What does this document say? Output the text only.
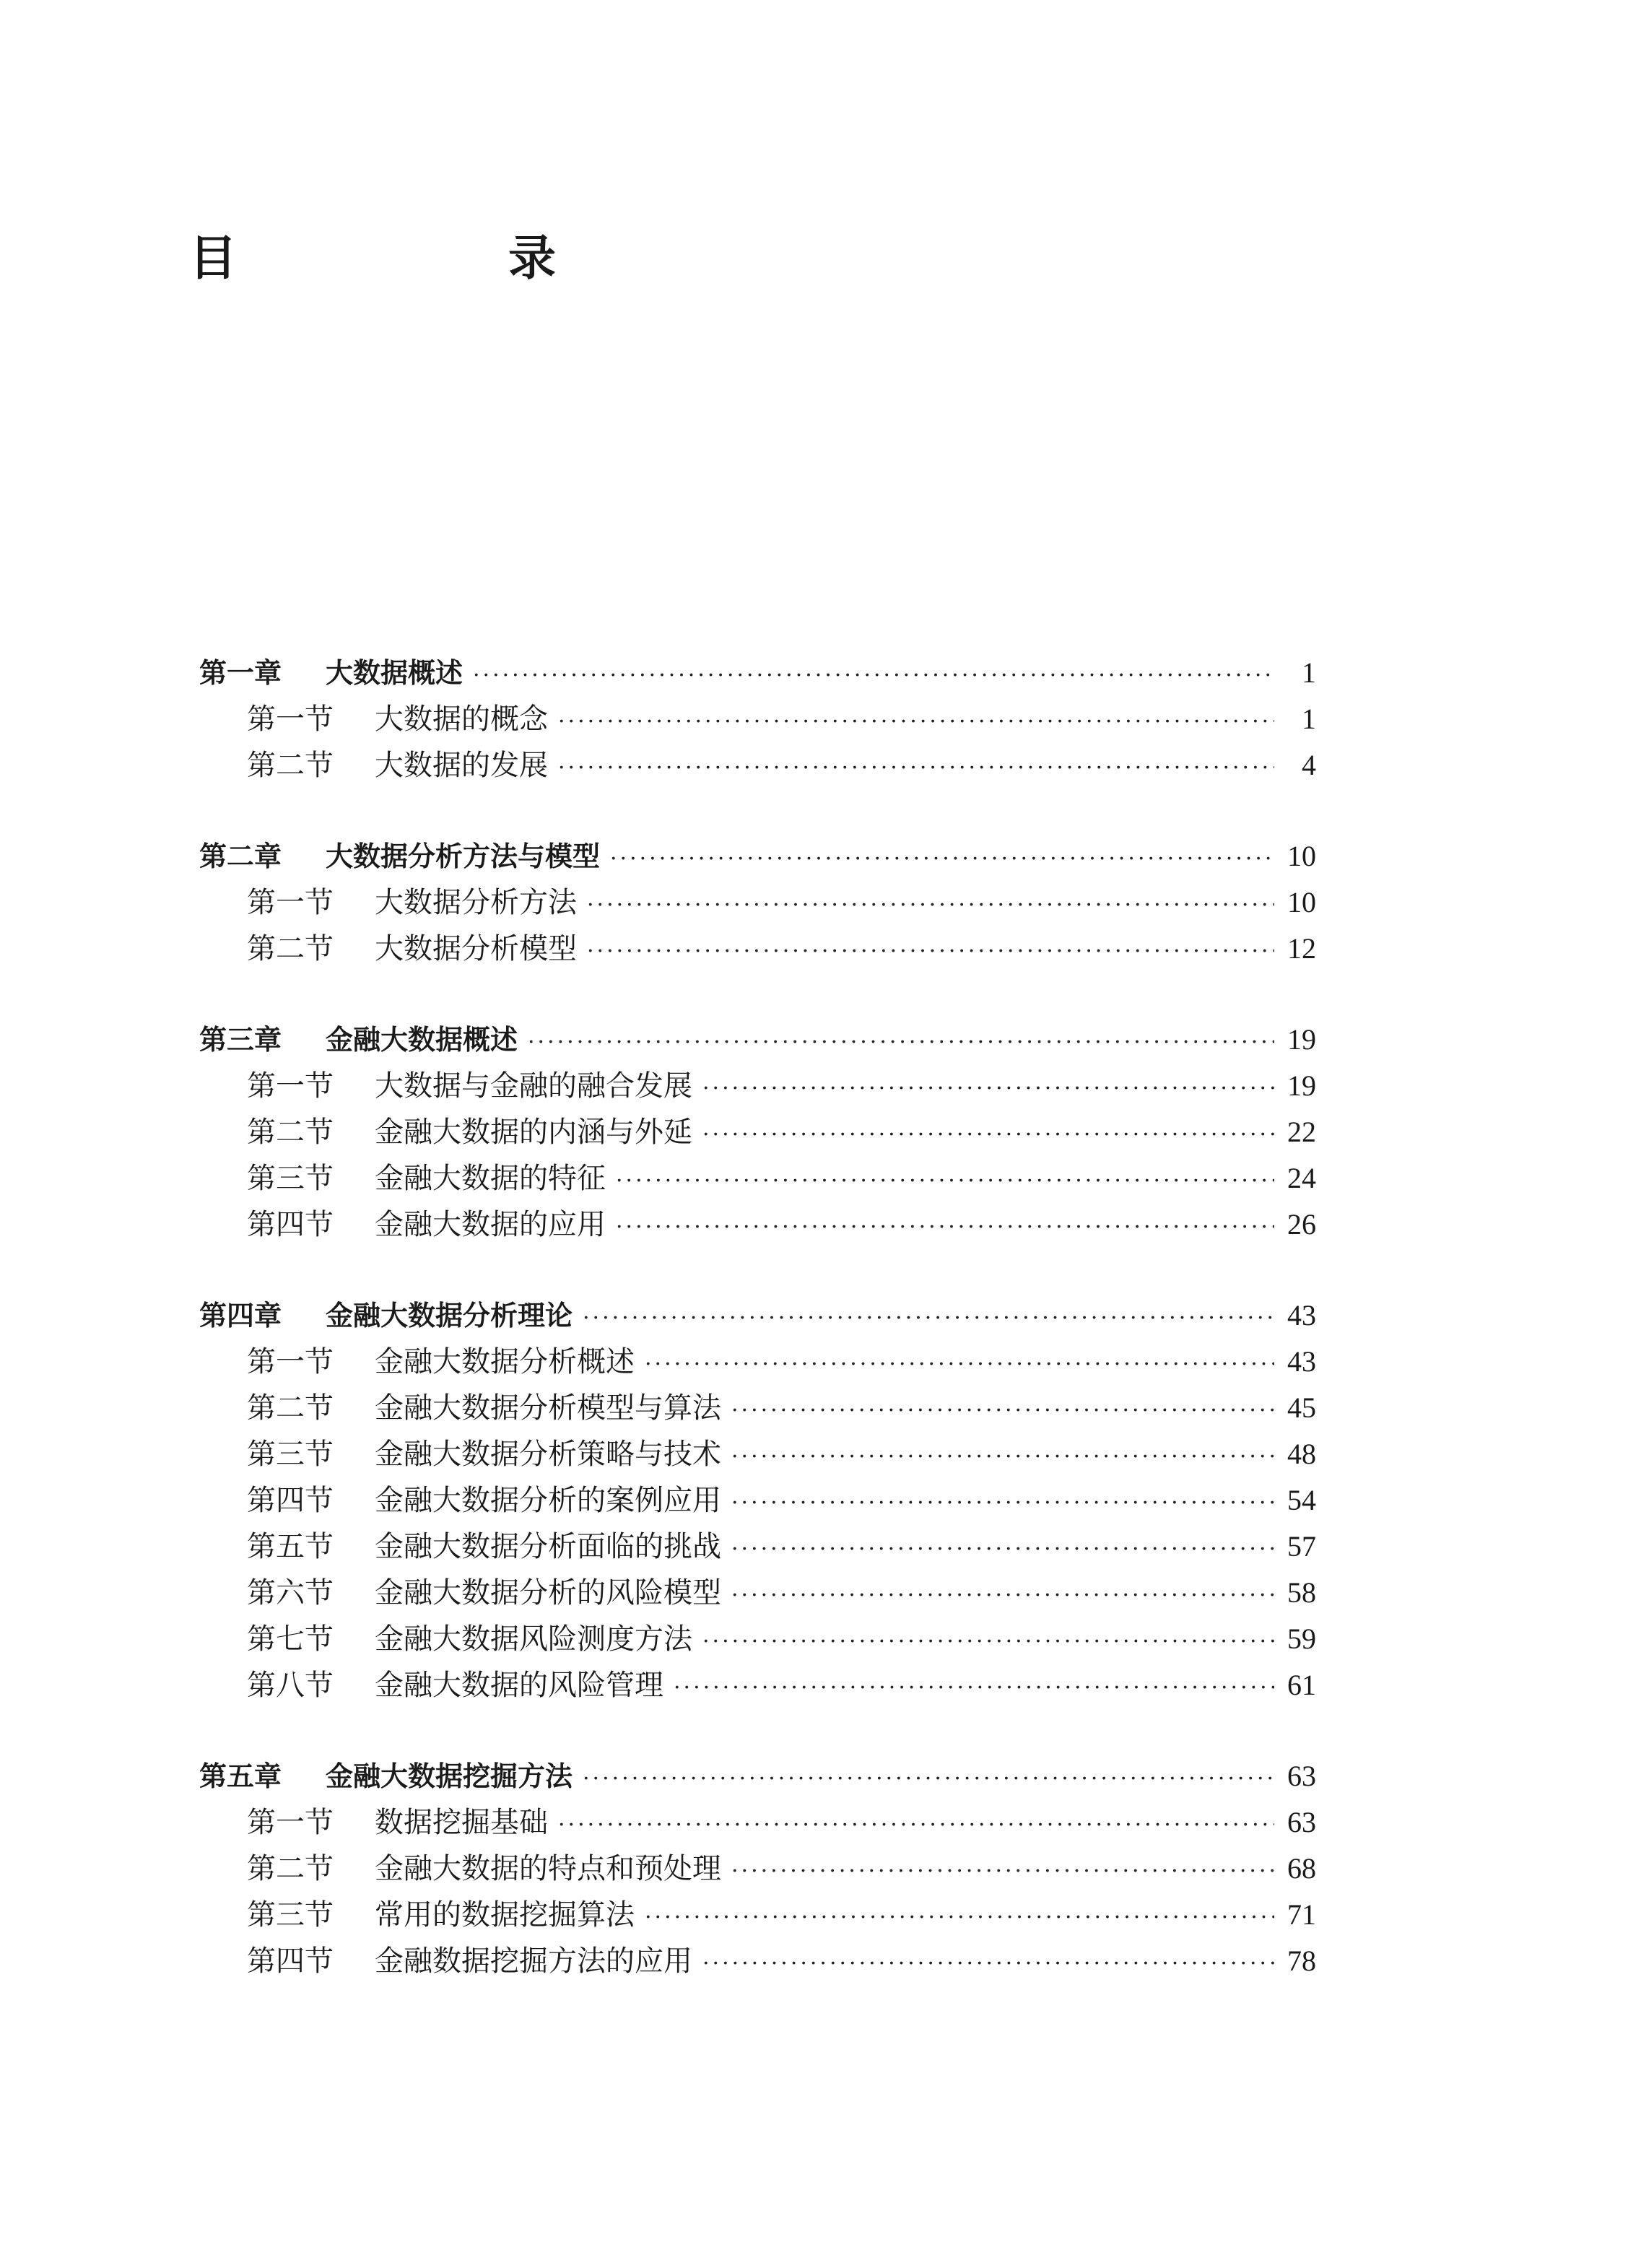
目　录
第一章	大数据概述 ·····	1
第一节	大数据的概念 ·····	1
第二节	大数据的发展 ·····	4
第二章	大数据分析方法与模型 ·····	10
第一节	大数据分析方法 ·····	10
第二节	大数据分析模型 ·····	12
第三章	金融大数据概述 ·····	19
第一节	大数据与金融的融合发展 ·····	19
第二节	金融大数据的内涵与外延 ·····	22
第三节	金融大数据的特征 ·····	24
第四节	金融大数据的应用 ·····	26
第四章	金融大数据分析理论 ·····	43
第一节	金融大数据分析概述 ·····	43
第二节	金融大数据分析模型与算法 ·····	45
第三节	金融大数据分析策略与技术 ·····	48
第四节	金融大数据分析的案例应用 ·····	54
第五节	金融大数据分析面临的挑战 ·····	57
第六节	金融大数据分析的风险模型 ·····	58
第七节	金融大数据风险测度方法 ·····	59
第八节	金融大数据的风险管理 ·····	61
第五章	金融大数据挖掘方法 ·····	63
第一节	数据挖掘基础 ·····	63
第二节	金融大数据的特点和预处理 ·····	68
第三节	常用的数据挖掘算法 ·····	71
第四节	金融数据挖掘方法的应用 ·····	78
